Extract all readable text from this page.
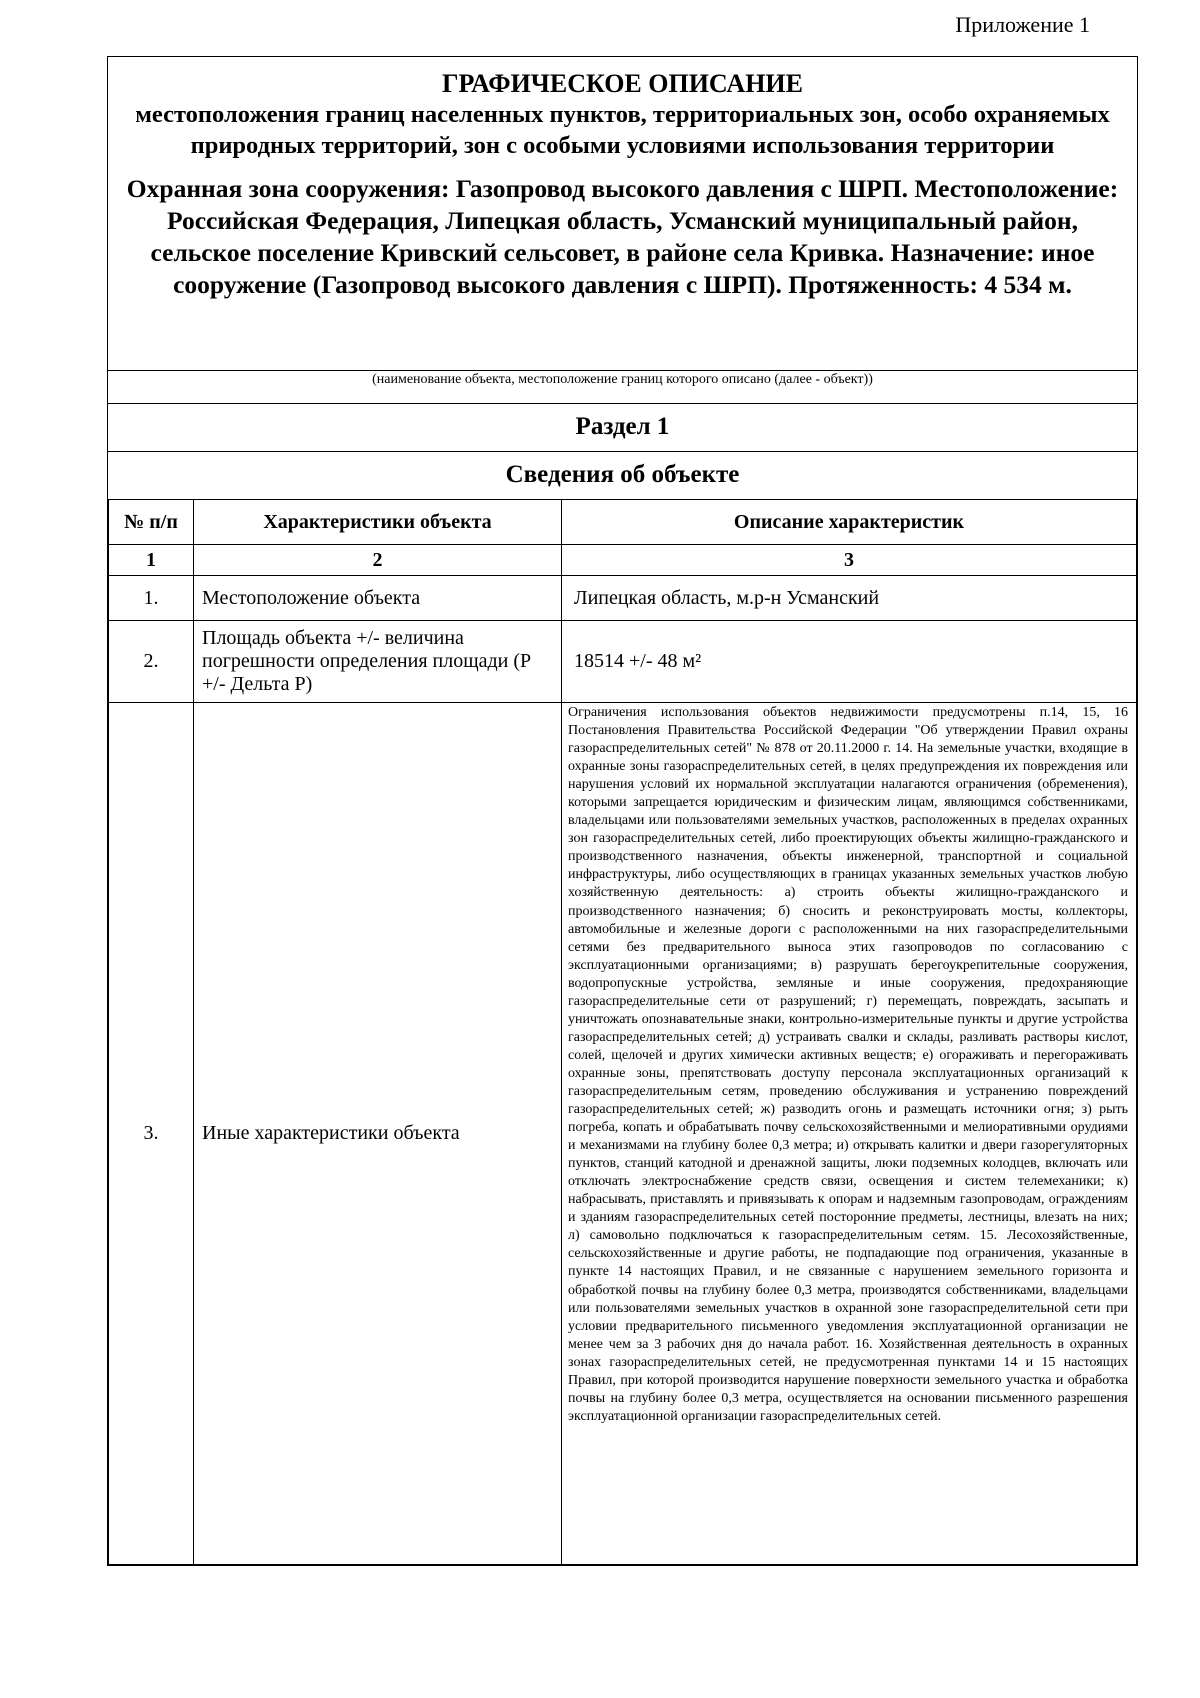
Приложение 1
ГРАФИЧЕСКОЕ ОПИСАНИЕ
местоположения границ населенных пунктов, территориальных зон, особо охраняемых природных территорий, зон с особыми условиями использования территории
Охранная зона сооружения: Газопровод высокого давления с ШРП. Местоположение: Российская Федерация, Липецкая область, Усманский муниципальный район, сельское поселение Кривский сельсовет, в районе села Кривка. Назначение: иное сооружение (Газопровод высокого давления с ШРП). Протяженность: 4 534 м.
(наименование объекта, местоположение границ которого описано (далее - объект))
Раздел 1
Сведения об объекте
№ п/п	Характеристики объекта	Описание характеристик
1	2	3
1.	Местоположение объекта	Липецкая область, м.р-н Усманский
2.	Площадь объекта +/- величина погрешности определения площади (Р +/- Дельта Р)	18514 +/- 48 м²
3.	Иные характеристики объекта	Ограничения использования объектов недвижимости предусмотрены п.14, 15, 16 Постановления Правительства Российской Федерации "Об утверждении Правил охраны газораспределительных сетей" № 878 от 20.11.2000 г. 14. На земельные участки, входящие в охранные зоны газораспределительных сетей, в целях предупреждения их повреждения или нарушения условий их нормальной эксплуатации налагаются ограничения (обременения), которыми запрещается юридическим и физическим лицам, являющимся собственниками, владельцами или пользователями земельных участков, расположенных в пределах охранных зон газораспределительных сетей, либо проектирующих объекты жилищно-гражданского и производственного назначения, объекты инженерной, транспортной и социальной инфраструктуры, либо осуществляющих в границах указанных земельных участков любую хозяйственную деятельность: а) строить объекты жилищно-гражданского и производственного назначения; б) сносить и реконструировать мосты, коллекторы, автомобильные и железные дороги с расположенными на них газораспределительными сетями без предварительного выноса этих газопроводов по согласованию с эксплуатационными организациями; в) разрушать берегоукрепительные сооружения, водопропускные устройства, земляные и иные сооружения, предохраняющие газораспределительные сети от разрушений; г) перемещать, повреждать, засыпать и уничтожать опознавательные знаки, контрольно-измерительные пункты и другие устройства газораспределительных сетей; д) устраивать свалки и склады, разливать растворы кислот, солей, щелочей и других химически активных веществ; е) огораживать и перегораживать охранные зоны, препятствовать доступу персонала эксплуатационных организаций к газораспределительным сетям, проведению обслуживания и устранению повреждений газораспределительных сетей; ж) разводить огонь и размещать источники огня; з) рыть погреба, копать и обрабатывать почву сельскохозяйственными и мелиоративными орудиями и механизмами на глубину более 0,3 метра; и) открывать калитки и двери газорегуляторных пунктов, станций катодной и дренажной защиты, люки подземных колодцев, включать или отключать электроснабжение средств связи, освещения и систем телемеханики; к) набрасывать, приставлять и привязывать к опорам и надземным газопроводам, ограждениям и зданиям газораспределительных сетей посторонние предметы, лестницы, влезать на них; л) самовольно подключаться к газораспределительным сетям. 15. Лесохозяйственные, сельскохозяйственные и другие работы, не подпадающие под ограничения, указанные в пункте 14 настоящих Правил, и не связанные с нарушением земельного горизонта и обработкой почвы на глубину более 0,3 метра, производятся собственниками, владельцами или пользователями земельных участков в охранной зоне газораспределительной сети при условии предварительного письменного уведомления эксплуатационной организации не менее чем за 3 рабочих дня до начала работ. 16. Хозяйственная деятельность в охранных зонах газораспределительных сетей, не предусмотренная пунктами 14 и 15 настоящих Правил, при которой производится нарушение поверхности земельного участка и обработка почвы на глубину более 0,3 метра, осуществляется на основании письменного разрешения эксплуатационной организации газораспределительных сетей.
